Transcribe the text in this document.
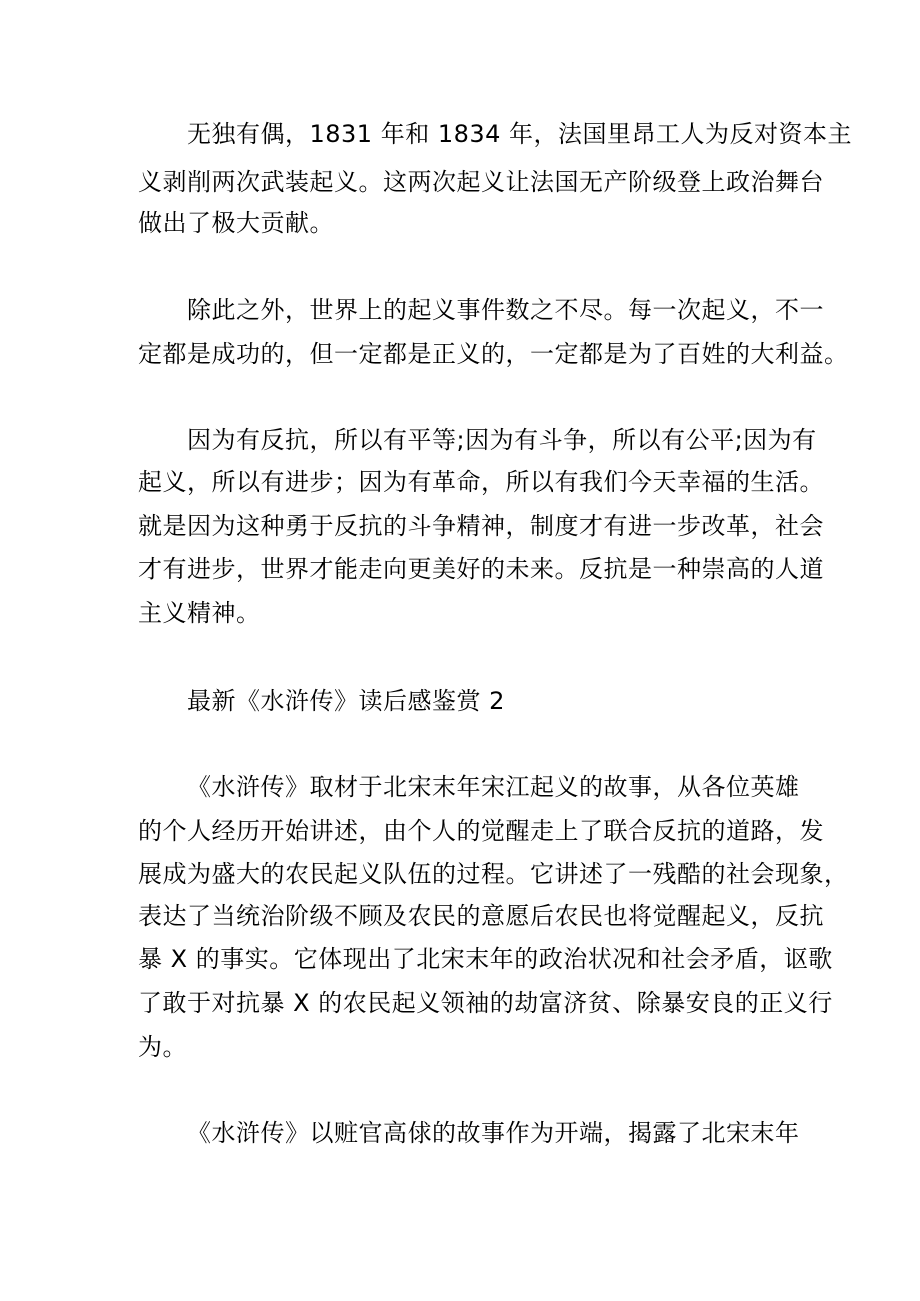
无独有偶，1831 年和 1834 年，法国里昂工人为反对资本主
义剥削两次武装起义。这两次起义让法国无产阶级登上政治舞台
做出了极大贡献。
除此之外，世界上的起义事件数之不尽。每一次起义，不一
定都是成功的，但一定都是正义的，一定都是为了百姓的大利益。
因为有反抗，所以有平等;因为有斗争，所以有公平;因为有
起义，所以有进步；因为有革命，所以有我们今天幸福的生活。
就是因为这种勇于反抗的斗争精神，制度才有进一步改革，社会
才有进步，世界才能走向更美好的未来。反抗是一种崇高的人道
主义精神。
最新《水浒传》读后感鉴赏 2
《水浒传》取材于北宋末年宋江起义的故事，从各位英雄
的个人经历开始讲述，由个人的觉醒走上了联合反抗的道路，发
展成为盛大的农民起义队伍的过程。它讲述了一残酷的社会现象，
表达了当统治阶级不顾及农民的意愿后农民也将觉醒起义，反抗
暴 X 的事实。它体现出了北宋末年的政治状况和社会矛盾，讴歌
了敢于对抗暴 X 的农民起义领袖的劫富济贫、除暴安良的正义行
为。
《水浒传》以赃官高俅的故事作为开端，揭露了北宋末年
